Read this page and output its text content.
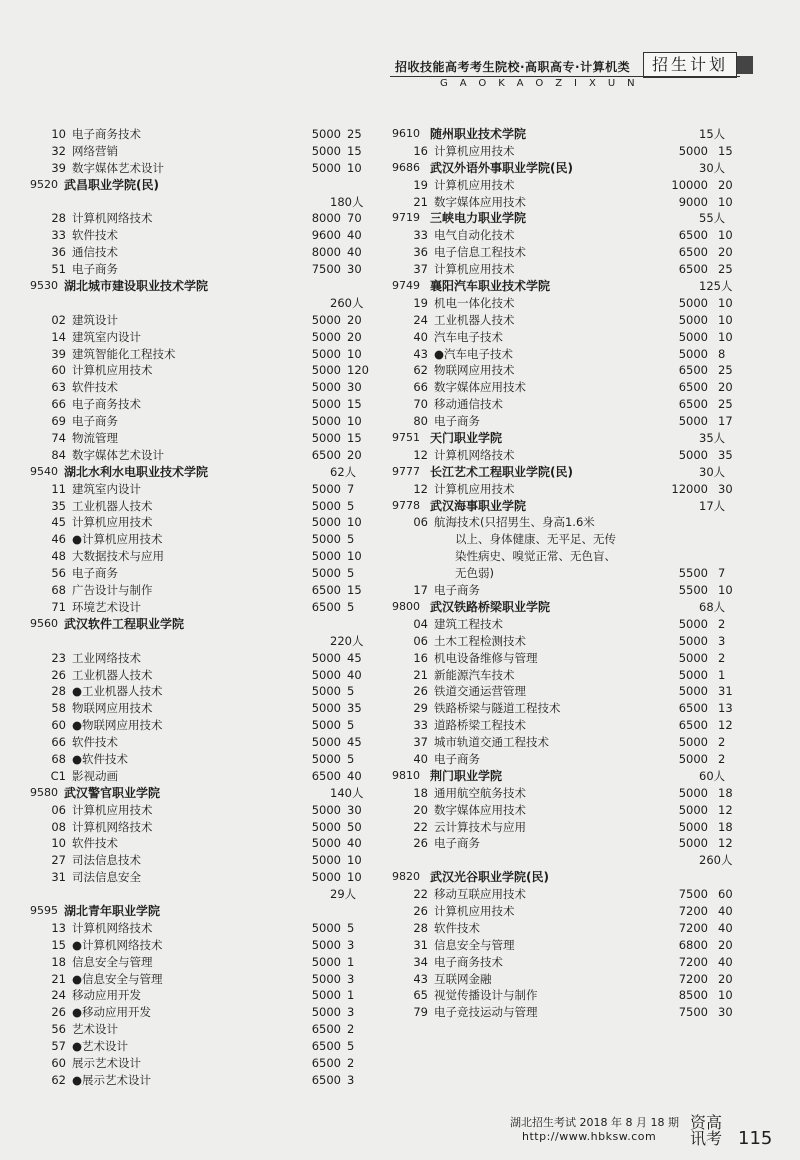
招收技能高考考生院校·高职高专·计算机类	招生计划
GAOKAOZIXUN
10 电子商务技术	5000 25
32 网络营销	5000 15
39 数字媒体艺术设计	5000 10
9520 武昌职业学院(民)
180人
28 计算机网络技术	8000 70
33 软件技术	9600 40
36 通信技术	8000 40
51 电子商务	7500 30
9530 湖北城市建设职业技术学院
260人
02 建筑设计	5000 20
14 建筑室内设计	5000 20
39 建筑智能化工程技术	5000 10
60 计算机应用技术	5000 120
63 软件技术	5000 30
66 电子商务技术	5000 15
69 电子商务	5000 10
74 物流管理	5000 15
84 数字媒体艺术设计	6500 20
9540 湖北水利水电职业技术学院	62人
11 建筑室内设计	5000 7
35 工业机器人技术	5000 5
45 计算机应用技术	5000 10
46 ●计算机应用技术	5000 5
48 大数据技术与应用	5000 10
56 电子商务	5000 5
68 广告设计与制作	6500 15
71 环境艺术设计	6500 5
9560 武汉软件工程职业学院
220人
23 工业网络技术	5000 45
26 工业机器人技术	5000 40
28 ●工业机器人技术	5000 5
58 物联网应用技术	5000 35
60 ●物联网应用技术	5000 5
66 软件技术	5000 45
68 ●软件技术	5000 5
C1 影视动画	6500 40
9580 武汉警官职业学院	140人
06 计算机应用技术	5000 30
08 计算机网络技术	5000 50
10 软件技术	5000 40
27 司法信息技术	5000 10
31 司法信息安全	5000 10
29人
9595 湖北青年职业学院
13 计算机网络技术	5000 5
15 ●计算机网络技术	5000 3
18 信息安全与管理	5000 1
21 ●信息安全与管理	5000 3
24 移动应用开发	5000 1
26 ●移动应用开发	5000 3
56 艺术设计	6500 2
57 ●艺术设计	6500 5
60 展示艺术设计	6500 2
62 ●展示艺术设计	6500 3
9610 随州职业技术学院	15人
16 计算机应用技术	5000 15
9686 武汉外语外事职业学院(民)	30人
19 计算机应用技术	10000 20
21 数字媒体应用技术	9000 10
9719 三峡电力职业学院	55人
33 电气自动化技术	6500 10
36 电子信息工程技术	6500 20
37 计算机应用技术	6500 25
9749 襄阳汽车职业技术学院	125人
19 机电一体化技术	5000 10
24 工业机器人技术	5000 10
40 汽车电子技术	5000 10
43 ●汽车电子技术	5000 8
62 物联网应用技术	6500 25
66 数字媒体应用技术	6500 20
70 移动通信技术	6500 25
80 电子商务	5000 17
9751 天门职业学院	35人
12 计算机网络技术	5000 35
9777 长江艺术工程职业学院(民)	30人
12 计算机应用技术	12000 30
9778 武汉海事职业学院	17人
06 航海技术(只招男生、身高1.6米
以上、身体健康、无平足、无传
染性病史、嗅觉正常、无色盲、
无色弱)	5500 7
17 电子商务	5500 10
9800 武汉铁路桥梁职业学院	68人
04 建筑工程技术	5000 2
06 土木工程检测技术	5000 3
16 机电设备维修与管理	5000 2
21 新能源汽车技术	5000 1
26 铁道交通运营管理	5000 31
29 铁路桥梁与隧道工程技术	6500 13
33 道路桥梁工程技术	6500 12
37 城市轨道交通工程技术	5000 2
40 电子商务	5000 2
9810 荆门职业学院	60人
18 通用航空航务技术	5000 18
20 数字媒体应用技术	5000 12
22 云计算技术与应用	5000 18
26 电子商务	5000 12
260人
9820 武汉光谷职业学院(民)
22 移动互联应用技术	7500 60
26 计算机应用技术	7200 40
28 软件技术	7200 40
31 信息安全与管理	6800 20
34 电子商务技术	7200 40
43 互联网金融	7200 20
65 视觉传播设计与制作	8500 10
79 电子竞技运动与管理	7500 30
湖北招生考试 2018 年 8 月 18 期
http://www.hbksw.com
资高讯考 115
